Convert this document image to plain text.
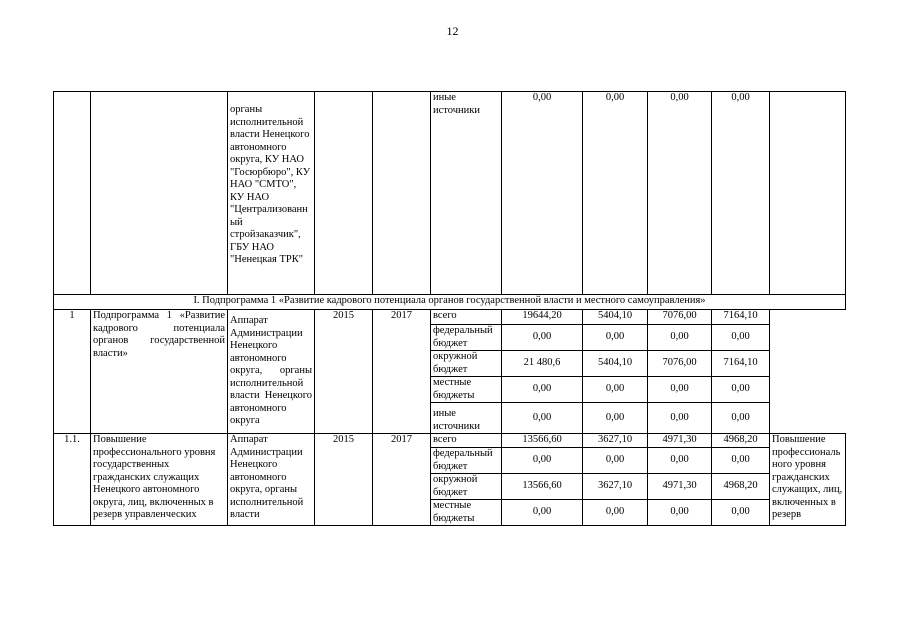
12
		органы исполнительной власти Ненецкого автономного округа, КУ НАО "Госюрбюро", КУ НАО "СМТО", КУ НАО "Централизованный стройзаказчик", ГБУ НАО "Ненецкая ТРК"			иные источники	0,00	0,00	0,00	0,00	
I. Подпрограмма 1 «Развитие кадрового потенциала органов государственной власти и местного самоуправления»										
1	Подпрограмма 1 «Развитие кадрового потенциала органов государственной власти»	Аппарат Администрации Ненецкого автономного округа, органы исполнительной власти Ненецкого автономного округа	2015	2017	всего	19644,20	5404,10	7076,00	7164,10	
					федеральный бюджет	0,00	0,00	0,00	0,00	
					окружной бюджет	21 480,6	5404,10	7076,00	7164,10	
					местные бюджеты	0,00	0,00	0,00	0,00	
					иные источники	0,00	0,00	0,00	0,00	
1.1.	Повышение профессионального уровня государственных гражданских служащих Ненецкого автономного округа, лиц, включенных в резерв управленческих	Аппарат Администрации Ненецкого автономного округа, органы исполнительной власти	2015	2017	всего	13566,60	3627,10	4971,30	4968,20	Повышение профессионального уровня гражданских служащих, лиц, включенных в резерв
					федеральный бюджет	0,00	0,00	0,00	0,00	
					окружной бюджет	13566,60	3627,10	4971,30	4968,20	
					местные бюджеты	0,00	0,00	0,00	0,00	
